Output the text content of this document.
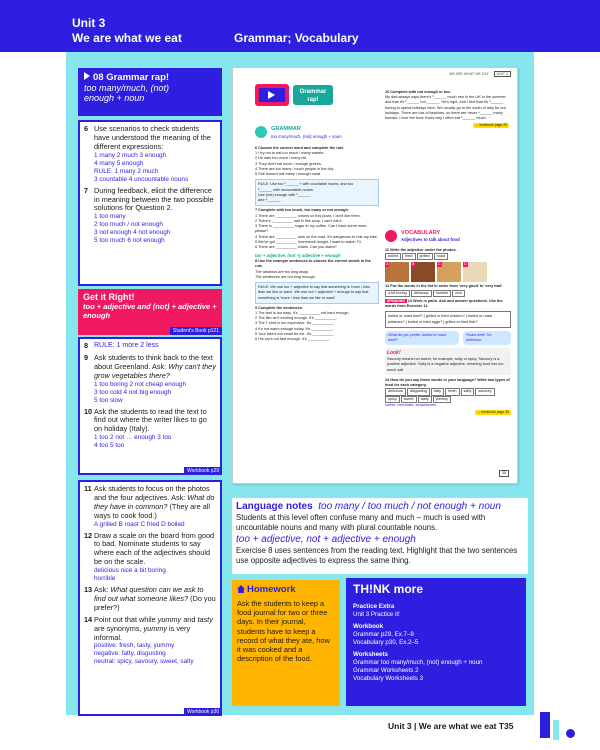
Unit 3
We are what we eat	Grammar; Vocabulary
08 Grammar rap!
too many/much, (not)
enough + noun
6 Use scenarios to check students have understood the meaning of the different expressions:
1 many 2 much 3 enough
4 many 5 enough
RULE: 1 many 2 much
3 countable 4 uncountable nouns
7 During feedback, elicit the difference in meaning between the two possible solutions for Question 2.
1 too many
2 too much / not enough
3 not enough 4 not enough
5 too much 6 not enough
Get it Right!
too + adjective and (not) + adjective + enough
Student's Book p121
8 RULE: 1 more 2 less
9 Ask students to think back to the text about Greenland. Ask: Why can't they grow vegetables there?
1 too boring 2 not cheap enough
3 too cold 4 not big enough
5 too slow
10 Ask the students to read the text to find out where the writer likes to go on holiday (Italy).
1 too 2 not … enough 3 too
4 too 5 too
Workbook p29
11 Ask students to focus on the photos and the four adjectives. Ask: What do they have in common? (They are all ways to cook food.)
A grilled B roast C fried D boiled
12 Draw a scale on the board from good to bad. Nominate students to say where each of the adjectives should be on the scale.
delicious nice a bit boring
horrible
13 Ask: What question can we ask to find out what someone likes? (Do you prefer?)
14 Point out that while yummy and tasty are synonyms, yummy is very informal.
positive: fresh, tasty, yummy
negative: fatty, disgusting
neutral: spicy, savoury, sweet, salty
Workbook p30
WE ARE WHAT WE EAT UNIT 3
Grammar
rap!
GRAMMAR
too many/much, (not) enough + noun
6 Choose the correct word and complete the rule.
1 I try not to eat too much / many sweets.
2 He eats too much / many fat.
3 They don't eat much / enough greens.
4 There are too many / much people in the city.
5 She doesn't eat many / enough meat.
RULE: Use too ¹______ + with countable nouns, and too
²______ with uncountable nouns.
Use (not) enough with ³______
and ⁴______.
7 Complete with too much, too many or not enough.
1 There are __________ onions on this pizza. I don't like them.
2 There's __________ salt in this soup. I can't eat it.
3 There is __________ sugar in my coffee. Can I have some more, please?
4 There are __________ cars on the road. It's dangerous to ride my bike.
5 We've got __________ homework tonight. I want to watch TV.
6 There are __________ chairs. Can you stand?
too + adjective, (not +) adjective + enough
8 Use the example sentences to choose the correct words in the rule.
The windows are too long away.
The sentences are not long enough.
RULE: We use too + adjective to say that something is 'more / less than we like or want'. We use not + adjective + enough to say that something is 'more / less than we like or want'.
9 Complete the sentences.
1 The test is too easy. It's __________ not hard enough.
2 The film isn't exciting enough. It's __________.
3 The T-shirt is too expensive. It's __________.
4 It's not warm enough today. It's __________.
5 Your bike's too small for me. It's __________.
6 His car's not fast enough. It's __________.
10 Complete with not enough or too.
My dad always says there's ¹______ much rain in the UK in the summer and that it's ²______ hot ______. He's right. And I feel that it's ³______ boring to spend holidays here. We usually go to the south of Italy for our holidays. There are lots of beaches, so there are never ⁴______ many tourists. I love the food; that's why I often eat ⁵______ much.
→ workbook page 29
VOCABULARY
Adjectives to talk about food
11 Write the adjective under the photos.
boiled	fried	grilled	roast
A	B	C	D
12 Put the words in the list in order from 'very good' to 'very bad'.
a bit boring	delicious	horrible	nice
SPEAKING 13 Work in pairs. Ask and answer questions. Use the words from Exercise 11.
boiled or roast beef? | grilled or fried chicken? | boiled or roast potatoes? | boiled or fried eggs? | grilled or fried fish?
What do you prefer, boiled or roast beef?
Roast beef. It's delicious.
Look!
Savoury means not sweet, for example, salty or spicy. Savoury is a positive adjective. Salty is a negative adjective, meaning food has too much salt.
14 How do you say these words in your language? Write two types of food for each category.
delicious	disgusting	fatty	fresh	salty	savoury
spicy	sweet	tasty	yummy
sweet: chocolate, strawberries
→ workbook page 30
35
Language notes too many / too much / not enough + noun
Students at this level often confuse many and much – much is used with uncountable nouns and many with plural countable nouns.
too + adjective, not + adjective + enough
Exercise 8 uses sentences from the reading text. Highlight that the two sentences use opposite adjectives to express the same thing.
Homework
Ask the students to keep a food journal for two or three days. In their journal, students have to keep a record of what they ate, how it was cooked and a description of the food.
TH!NK more
Practice Extra
Unit 3 Practice it!
Workbook
Grammar p29, Ex.7–9
Vocabulary p30, Ex.2–5
Worksheets
Grammar too many/much, (not) enough + noun
Grammar Worksheets 2
Vocabulary Worksheets 3
Unit 3 | We are what we eat T35
